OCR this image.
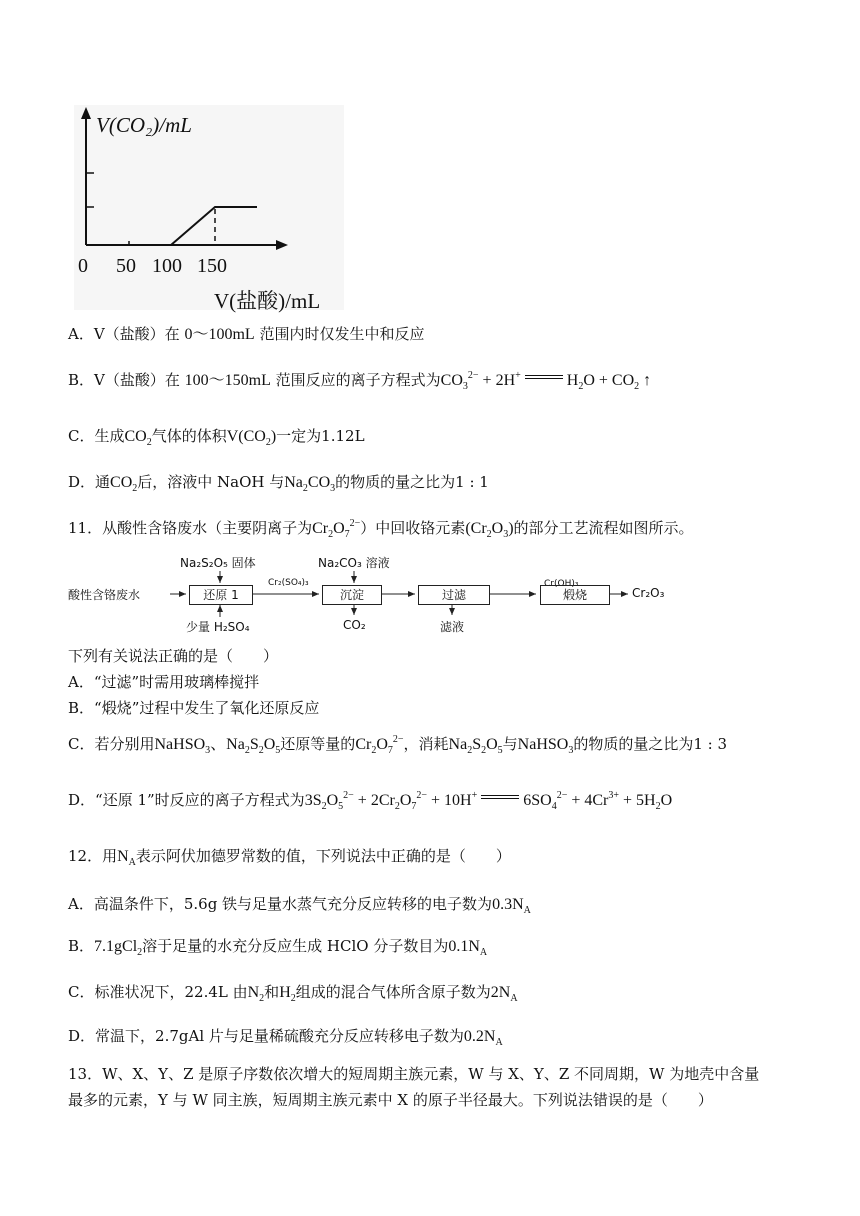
V(CO₂)/mL
0 50 100 150
V(盐酸)/mL
A．V（盐酸）在 0～100mL 范围内时仅发生中和反应
B．V（盐酸）在 100～150mL 范围反应的离子方程式为$CO_3^{2-} + 2H^+$	$H_2O + CO_2$ ↑
C．生成$CO_2$气体的体积$V(CO_2)$一定为1.12L
D．通$CO_2$后，溶液中 NaOH 与$Na_2CO_3$的物质的量之比为1 : 1
11．从酸性含铬废水（主要阴离子为$Cr_2O_7^{2-}$）中回收铬元素$(Cr_2O_3)$的部分工艺流程如图所示。
酸性含铬废水	还原 1
Na₂S₂O₅ 固体
少量 H₂SO₄
Cr₂(SO₄)₃
沉淀
Na₂CO₃ 溶液
CO₂
过滤
滤液
Cr(OH)₃
煅烧	Cr₂O₃
下列有关说法正确的是（　　）
A．“过滤”时需用玻璃棒搅拌
B．“煅烧”过程中发生了氧化还原反应
C．若分别用NaHSO$_3$、$Na_2S_2O_5$还原等量的$Cr_2O_7^{2-}$，消耗$Na_2S_2O_5$与NaHSO$_3$的物质的量之比为1 : 3
D．“还原 1”时反应的离子方程式为$3S_2O_5^{2-} + 2Cr_2O_7^{2-} + 10H^+$	$6SO_4^{2-} + 4Cr^{3+} + 5H_2O$
12．用$N_A$表示阿伏加德罗常数的值，下列说法中正确的是（　　）
A．高温条件下，5.6g 铁与足量水蒸气充分反应转移的电子数为$0.3N_A$
B．7.1gCl$_2$溶于足量的水充分反应生成 HClO 分子数目为$0.1N_A$
C．标准状况下，22.4L 由$N_2$和$H_2$组成的混合气体所含原子数为$2N_A$
D．常温下，2.7gAl 片与足量稀硫酸充分反应转移电子数为$0.2N_A$
13．W、X、Y、Z 是原子序数依次增大的短周期主族元素，W 与 X、Y、Z 不同周期，W 为地壳中含量
最多的元素，Y 与 W 同主族，短周期主族元素中 X 的原子半径最大。下列说法错误的是（　　）
